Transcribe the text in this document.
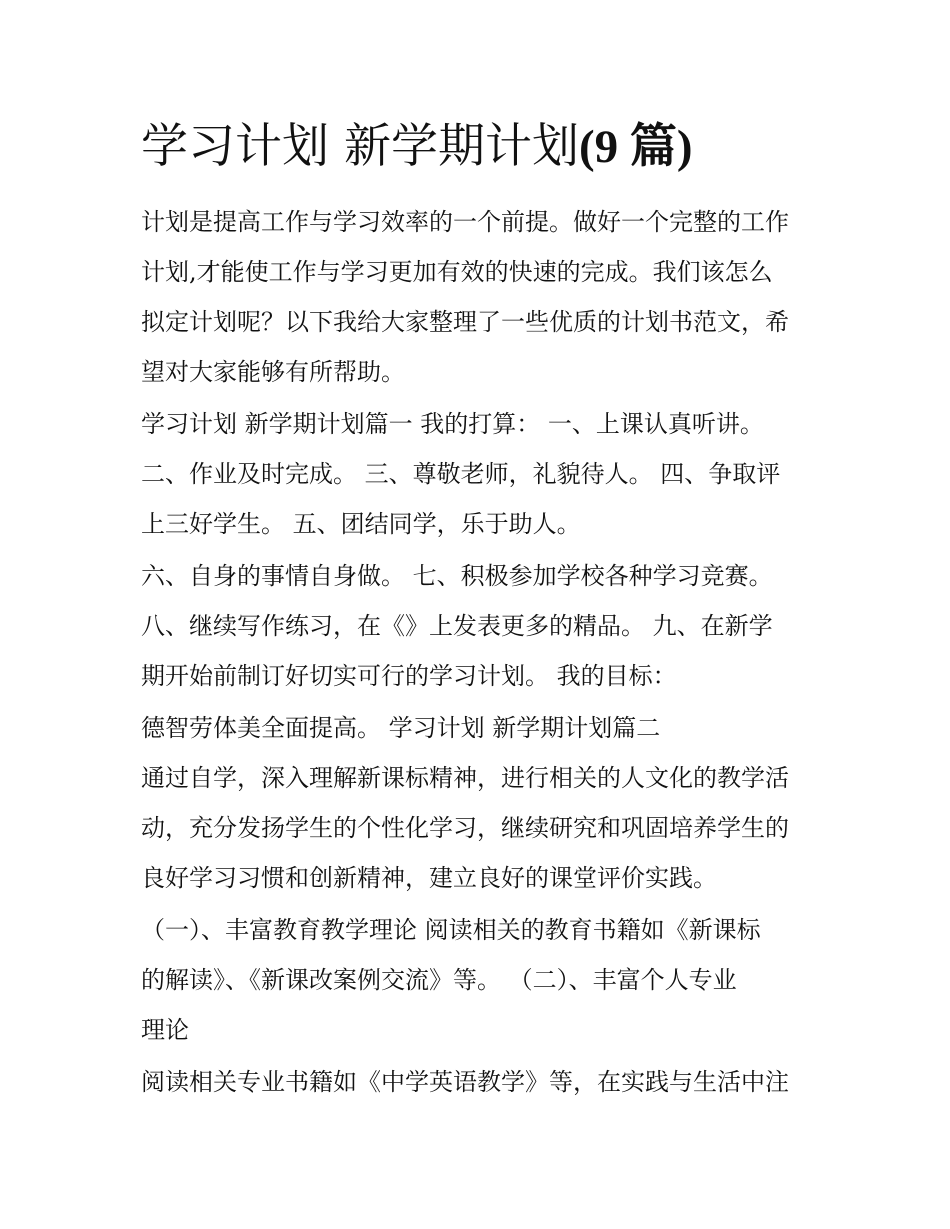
学习计划 新学期计划(9 篇)

计划是提高工作与学习效率的一个前提。做好一个完整的工作

计划,才能使工作与学习更加有效的快速的完成。我们该怎么

拟定计划呢？以下我给大家整理了一些优质的计划书范文，希

望对大家能够有所帮助。

学习计划 新学期计划篇一 我的打算： 一、上课认真听讲。

二、作业及时完成。 三、尊敬老师，礼貌待人。 四、争取评

上三好学生。 五、团结同学，乐于助人。

六、自身的事情自身做。 七、积极参加学校各种学习竞赛。

八、继续写作练习，在《》上发表更多的精品。 九、在新学

期开始前制订好切实可行的学习计划。 我的目标：

德智劳体美全面提高。 学习计划 新学期计划篇二

通过自学，深入理解新课标精神，进行相关的人文化的教学活

动，充分发扬学生的个性化学习，继续研究和巩固培养学生的

良好学习习惯和创新精神，建立良好的课堂评价实践。

（一）、丰富教育教学理论 阅读相关的教育书籍如《新课标

的解读》、《新课改案例交流》等。 （二）、丰富个人专业

理论

阅读相关专业书籍如《中学英语教学》等，在实践与生活中注
